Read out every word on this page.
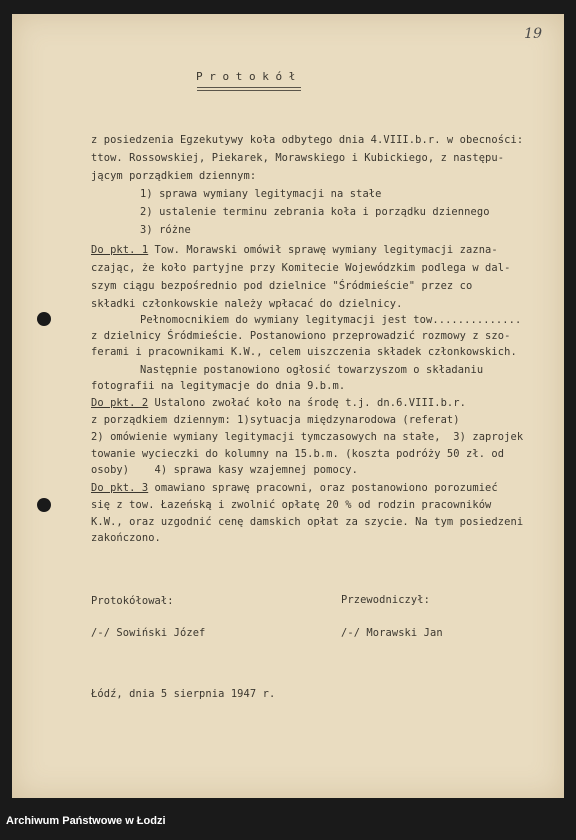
19
P r o t o k ó ł
z posiedzenia Egzekutywy koła odbytego dnia 4.VIII.b.r. w obecności:
ttow. Rossowskiej, Piekarek, Morawskiego i Kubickiego, z następu-
jącym porządkiem dziennym:
1) sprawa wymiany legitymacji na stałe
2) ustalenie terminu zebrania koła i porządku dziennego
3) różne
Do pkt. 1 Tow. Morawski omówił sprawę wymiany legitymacji zazna-
czając, że koło partyjne przy Komitecie Wojewódzkim podlega w dal-
szym ciągu bezpośrednio pod dzielnice "Śródmieście" przez co
składki członkowskie należy wpłacać do dzielnicy.
Pełnomocnikiem do wymiany legitymacji jest tow..............
z dzielnicy Śródmieście. Postanowiono przeprowadzić rozmowy z szo-
ferami i pracownikami K.W., celem uiszczenia składek członkowskich.
Następnie postanowiono ogłosić towarzyszom o składaniu
fotografii na legitymacje do dnia 9.b.m.
Do pkt. 2 Ustalono zwołać koło na środę t.j. dn.6.VIII.b.r.
z porządkiem dziennym: 1)sytuacja międzynarodowa (referat)
2) omówienie wymiany legitymacji tymczasowych na stałe,  3) zaprojek
towanie wycieczki do kolumny na 15.b.m. (koszta podróży 50 zł. od
osoby)    4) sprawa kasy wzajemnej pomocy.
Do pkt. 3 omawiano sprawę pracowni, oraz postanowiono porozumieć
się z tow. Łazeńską i zwolnić opłatę 20 % od rodzin pracowników
K.W., oraz uzgodnić cenę damskich opłat za szycie. Na tym posiedzeni
zakończono.
Protokółował:
/-/ Sowiński Józef
Przewodniczył:
/-/ Morawski Jan
Łódź, dnia 5 sierpnia 1947 r.
Archiwum Państwowe w Łodzi
